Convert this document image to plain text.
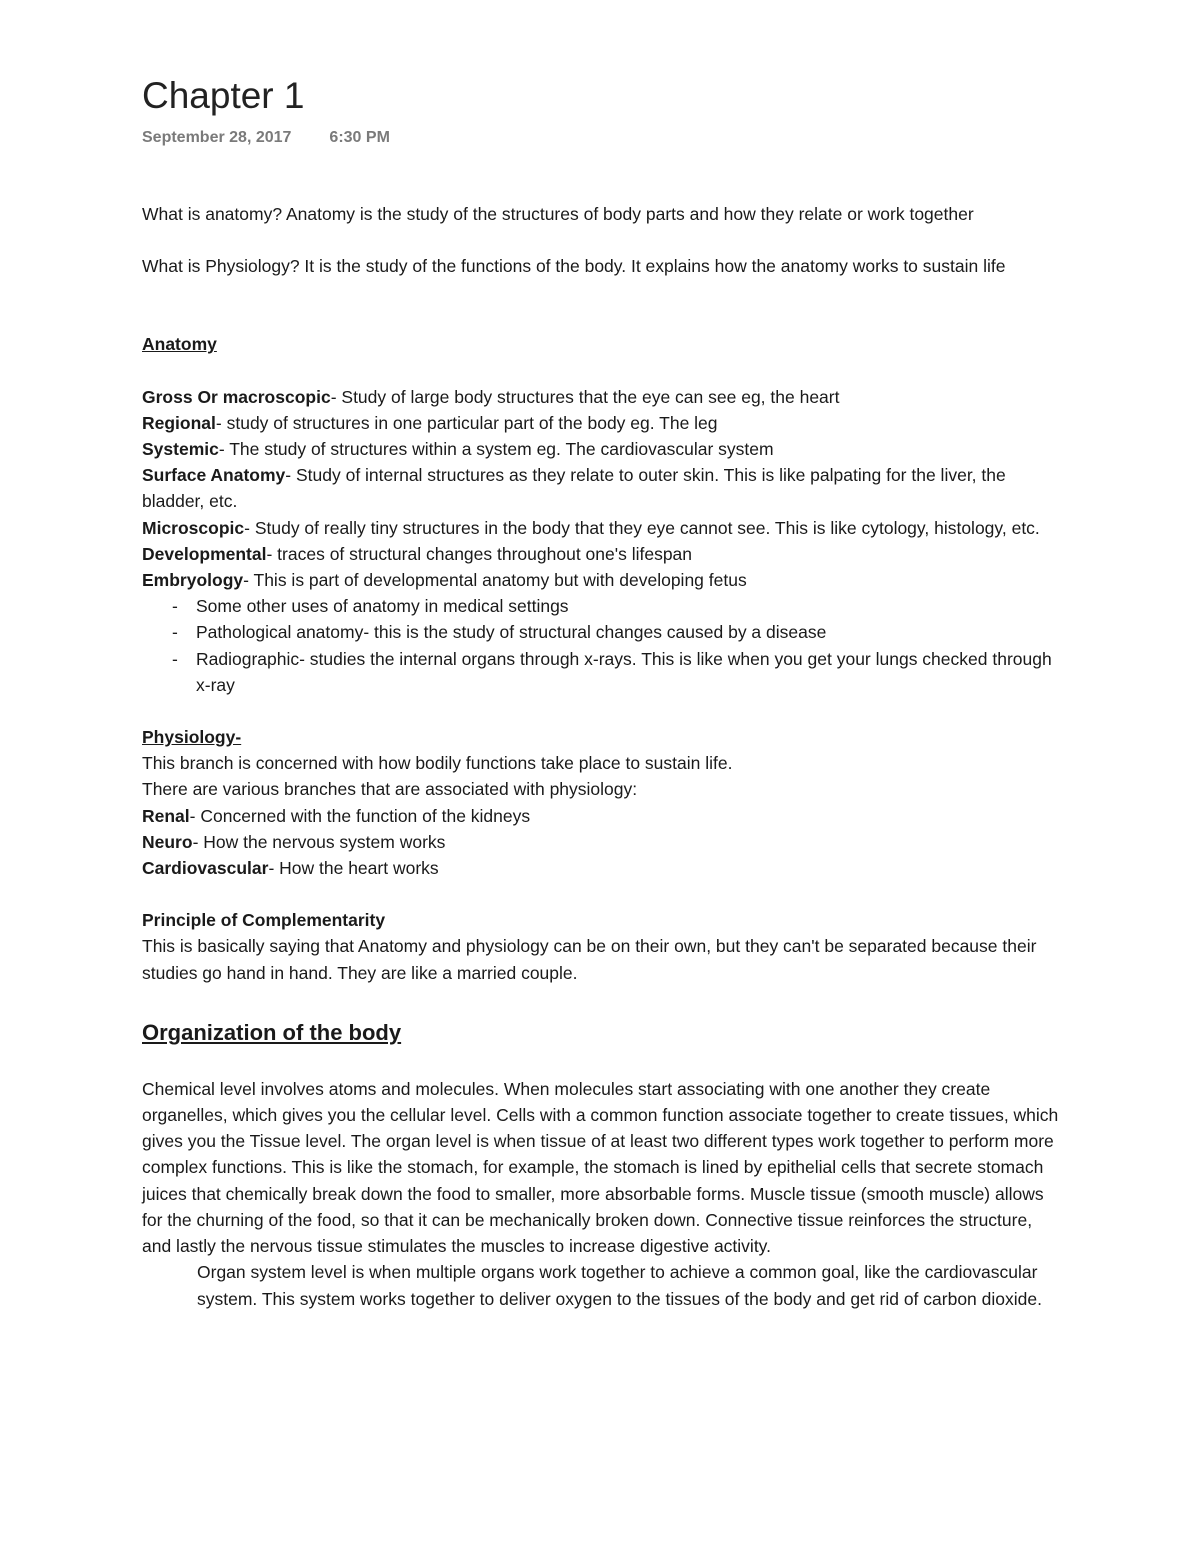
Chapter 1
September 28, 2017 6:30 PM

What is anatomy? Anatomy is the study of the structures of body parts and how they relate or work together

What is Physiology? It is the study of the functions of the body. It explains how the anatomy works to sustain life

Anatomy

Gross Or macroscopic- Study of large body structures that the eye can see eg, the heart

Regional- study of structures in one particular part of the body eg. The leg

Systemic- The study of structures within a system eg. The cardiovascular system

Surface Anatomy- Study of internal structures as they relate to outer skin. This is like palpating for the liver, the bladder, etc.

Microscopic- Study of really tiny structures in the body that they eye cannot see. This is like cytology, histology, etc.

Developmental- traces of structural changes throughout one's lifespan

Embryology- This is part of developmental anatomy but with developing fetus

- Some other uses of anatomy in medical settings
- Pathological anatomy- this is the study of structural changes caused by a disease
- Radiographic- studies the internal organs through x-rays. This is like when you get your lungs checked through x-ray

Physiology-

This branch is concerned with how bodily functions take place to sustain life.

There are various branches that are associated with physiology:

Renal- Concerned with the function of the kidneys

Neuro- How the nervous system works

Cardiovascular- How the heart works

Principle of Complementarity

This is basically saying that Anatomy and physiology can be on their own, but they can't be separated because their studies go hand in hand. They are like a married couple.

Organization of the body

Chemical level involves atoms and molecules. When molecules start associating with one another they create organelles, which gives you the cellular level. Cells with a common function associate together to create tissues, which gives you the Tissue level. The organ level is when tissue of at least two different types work together to perform more complex functions. This is like the stomach, for example, the stomach is lined by epithelial cells that secrete stomach juices that chemically break down the food to smaller, more absorbable forms. Muscle tissue (smooth muscle) allows for the churning of the food, so that it can be mechanically broken down. Connective tissue reinforces the structure, and lastly the nervous tissue stimulates the muscles to increase digestive activity.

Organ system level is when multiple organs work together to achieve a common goal, like the cardiovascular system. This system works together to deliver oxygen to the tissues of the body and get rid of carbon dioxide.
